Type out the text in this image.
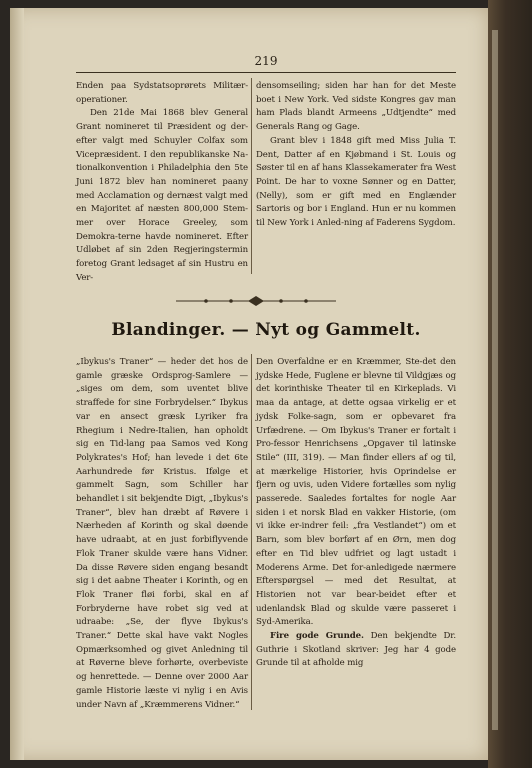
219

Enden paa Sydstatsoprørets Militær-operationer.

Den 21de Mai 1868 blev General Grant nomineret til Præsident og der-efter valgt med Schuyler Colfax som Vicepræsident. I den republikanske Na-tionalkonvention i Philadelphia den 5te Juni 1872 blev han nomineret paany med Acclamation og dernæst valgt med en Majoritet af næsten 800,000 Stem-mer over Horace Greeley, som Demokra-terne havde nomineret. Efter Udløbet af sin 2den Regjeringstermin foretog Grant ledsaget af sin Hustru en Ver-

densomseiling; siden har han for det Meste boet i New York. Ved sidste Kongres gav man ham Plads blandt Armeens „Udtjendte“ med Generals Rang og Gage.

Grant blev i 1848 gift med Miss Julia T. Dent, Datter af en Kjøbmand i St. Louis og Søster til en af hans Klassekamerater fra West Point. De har to voxne Sønner og en Datter, (Nelly), som er gift med en Englænder Sartoris og bor i England. Hun er nu kommen til New York i Anled-ning af Faderens Sygdom.

Blandinger. — Nyt og Gammelt.

„Ibykus's Traner“ — heder det hos de gamle græske Ordsprog-Samlere — „siges om dem, som uventet blive straffede for sine Forbrydelser.“ Ibykus var en ansect græsk Lyriker fra Rhegium i Nedre-Italien, han opholdt sig en Tid-lang paa Samos ved Kong Polykrates's Hof; han levede i det 6te Aarhundrede før Kristus. Ifølge et gammelt Sagn, som Schiller har behandlet i sit bekjendte Digt, „Ibykus's Traner“, blev han dræbt af Røvere i Nærheden af Korinth og skal døende have udraabt, at en just forbiflyvende Flok Traner skulde være hans Vidner. Da disse Røvere siden engang besandt sig i det aabne Theater i Korinth, og en Flok Traner fløi forbi, skal en af Forbryderne have robet sig ved at udraabe: „Se, der flyve Ibykus's Traner.“ Dette skal have vakt Nogles Opmærksomhed og givet Anledning til at Røverne bleve forhørte, overbeviste og henrettede. — Denne over 2000 Aar gamle Historie læste vi nylig i en Avis under Navn af „Kræmmerens Vidner.“

Den Overfaldne er en Kræmmer, Ste-det den jydske Hede, Fuglene er blevne til Vildgjæs og det korinthiske Theater til en Kirkeplads. Vi maa da antage, at dette ogsaa virkelig er et jydsk Folke-sagn, som er opbevaret fra Urfædrene. — Om Ibykus's Traner er fortalt i Pro-fessor Henrichsens „Opgaver til latinske Stile“ (III, 319). — Man finder ellers af og til, at mærkelige Historier, hvis Oprindelse er fjern og uvis, uden Videre fortælles som nylig passerede. Saaledes fortaltes for nogle Aar siden i et norsk Blad en vakker Historie, (om vi ikke er-indrer feil: „fra Vestlandet“) om et Barn, som blev borført af en Ørn, men dog efter en Tid blev udfriet og lagt ustadt i Moderens Arme. Det for-anledigede nærmere Efterspørgsel — med det Resultat, at Historien not var bear-beidet efter et udenlandsk Blad og skulde være passeret i Syd-Amerika.

Fire gode Grunde. Den bekjendte Dr. Guthrie i Skotland skriver: Jeg har 4 gode Grunde til at afholde mig
